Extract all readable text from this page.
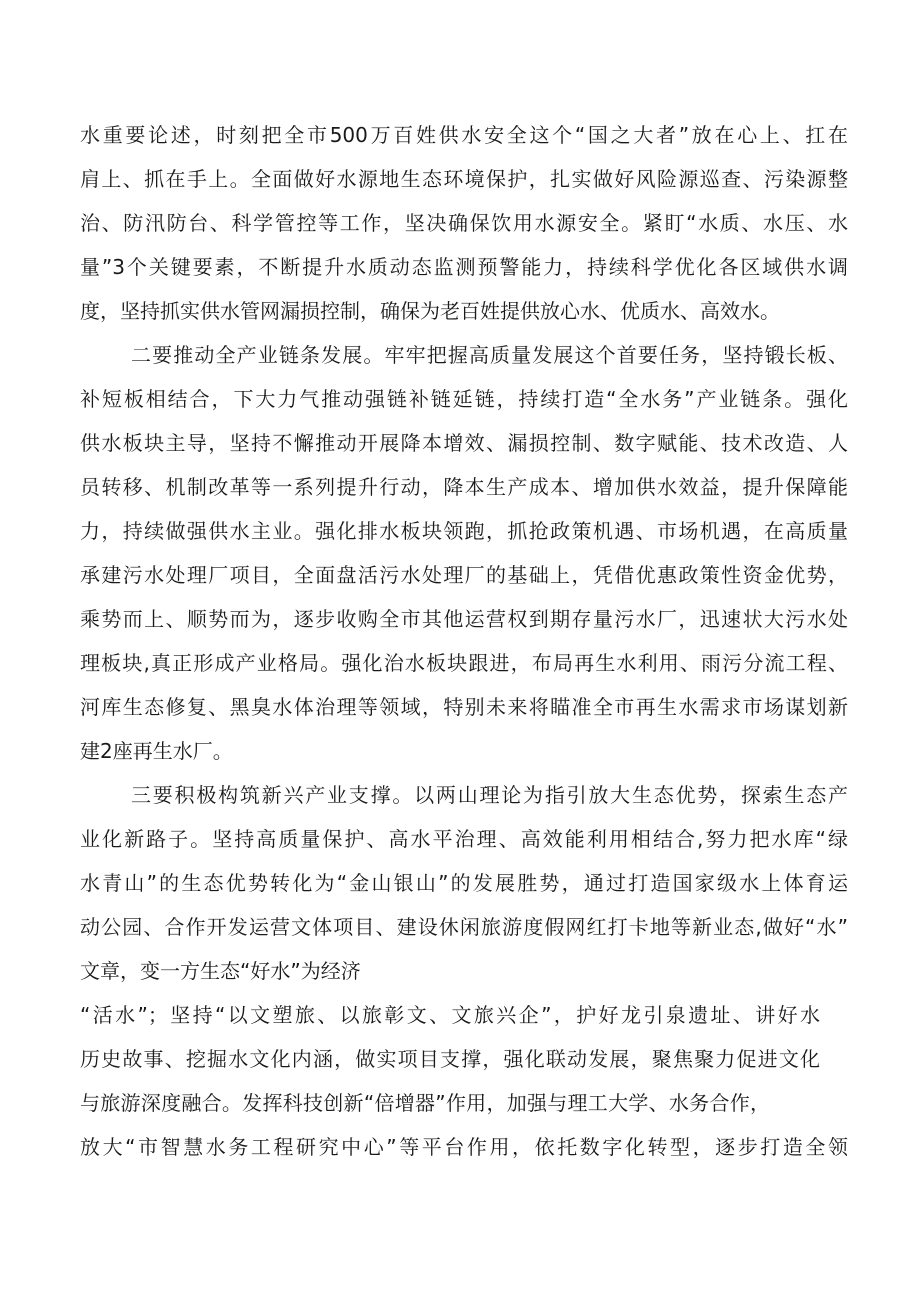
水重要论述，时刻把全市500万百姓供水安全这个“国之大者”放在心上、扛在
肩上、抓在手上。全面做好水源地生态环境保护，扎实做好风险源巡查、污染源整
治、防汛防台、科学管控等工作，坚决确保饮用水源安全。紧盯“水质、水压、水
量”3个关键要素，不断提升水质动态监测预警能力，持续科学优化各区域供水调
度，坚持抓实供水管网漏损控制，确保为老百姓提供放心水、优质水、高效水。
二要推动全产业链条发展。牢牢把握高质量发展这个首要任务，坚持锻长板、
补短板相结合，下大力气推动强链补链延链，持续打造“全水务”产业链条。强化
供水板块主导，坚持不懈推动开展降本增效、漏损控制、数字赋能、技术改造、人
员转移、机制改革等一系列提升行动，降本生产成本、增加供水效益，提升保障能
力，持续做强供水主业。强化排水板块领跑，抓抢政策机遇、市场机遇，在高质量
承建污水处理厂项目，全面盘活污水处理厂的基础上，凭借优惠政策性资金优势，
乘势而上、顺势而为，逐步收购全市其他运营权到期存量污水厂，迅速状大污水处
理板块,真正形成产业格局。强化治水板块跟进，布局再生水利用、雨污分流工程、
河库生态修复、黑臭水体治理等领域，特别未来将瞄准全市再生水需求市场谋划新
建2座再生水厂。
三要积极构筑新兴产业支撑。以两山理论为指引放大生态优势，探索生态产
业化新路子。坚持高质量保护、高水平治理、高效能利用相结合,努力把水库“绿
水青山”的生态优势转化为“金山银山”的发展胜势，通过打造国家级水上体育运
动公园、合作开发运营文体项目、建设休闲旅游度假网红打卡地等新业态,做好“水”
文章，变一方生态“好水”为经济
“活水”；坚持“以文塑旅、以旅彰文、文旅兴企”，护好龙引泉遗址、讲好水
历史故事、挖掘水文化内涵，做实项目支撑，强化联动发展，聚焦聚力促进文化
与旅游深度融合。发挥科技创新“倍增器”作用，加强与理工大学、水务合作，
放大“市智慧水务工程研究中心”等平台作用，依托数字化转型，逐步打造全领
